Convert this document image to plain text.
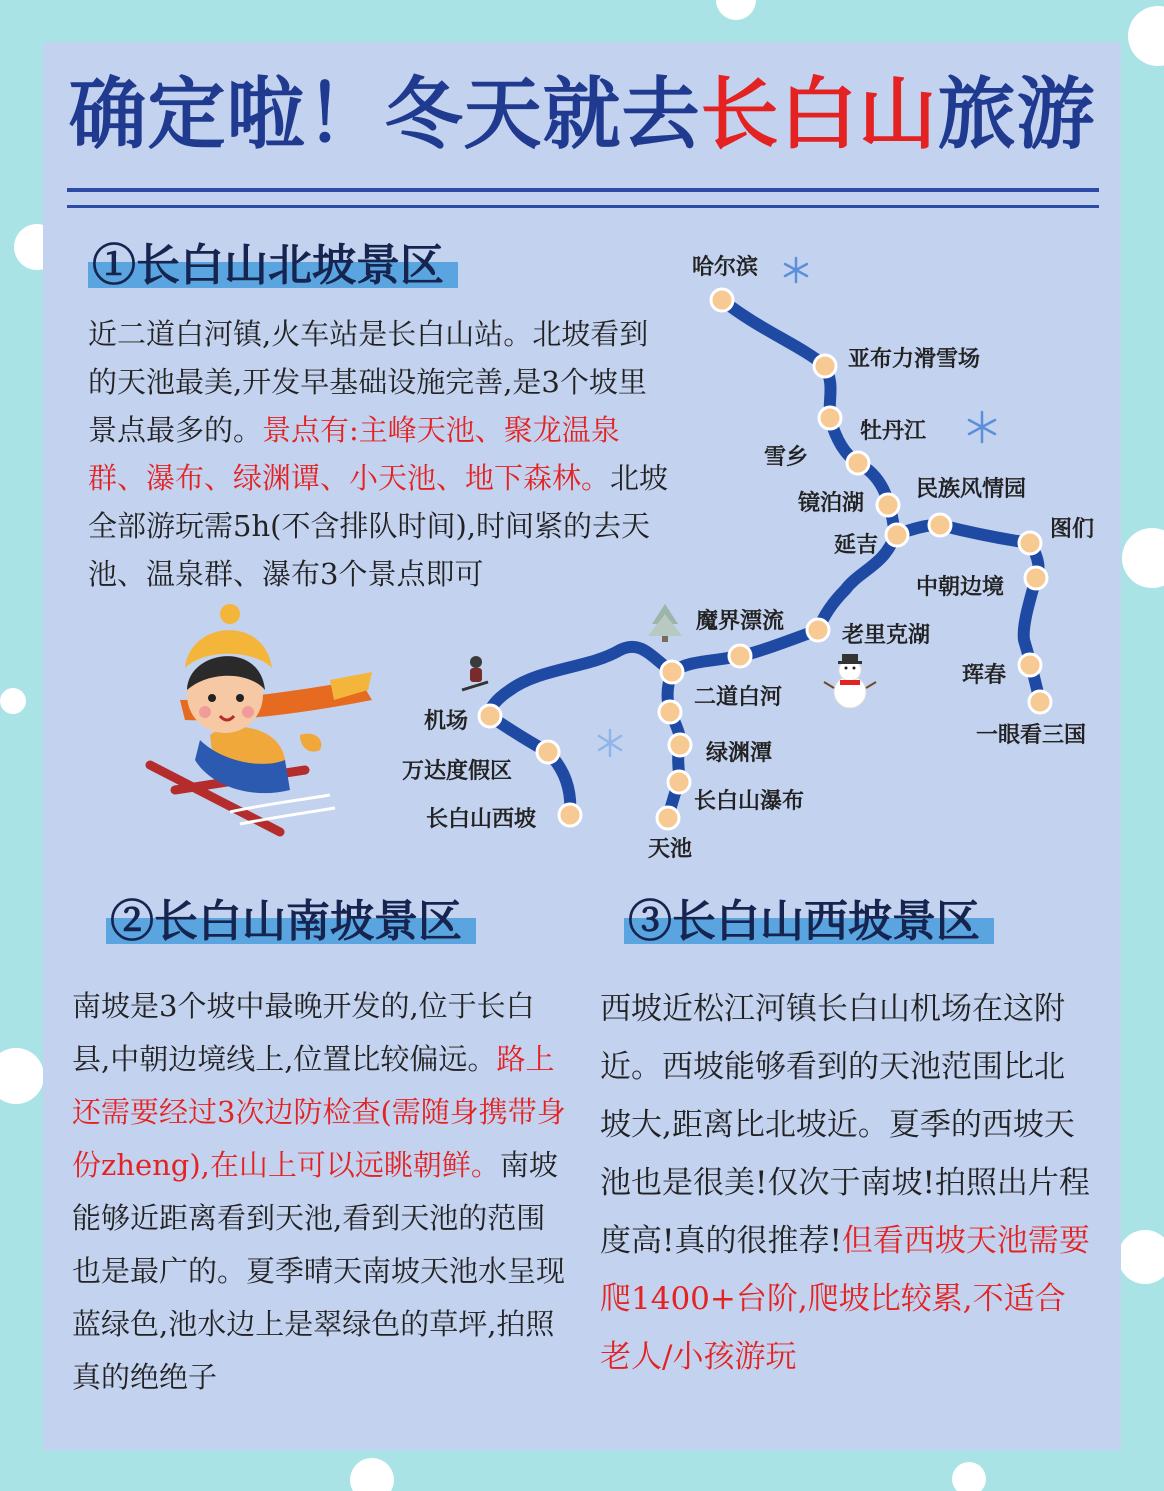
确定啦！冬天就去长白山旅游
①长白山北坡景区
近二道白河镇,火车站是长白山站。北坡看到的天池最美,开发早基础设施完善,是3个坡里景点最多的。景点有:主峰天池、聚龙温泉群、瀑布、绿渊谭、小天池、地下森林。北坡全部游玩需5h(不含排队时间),时间紧的去天池、温泉群、瀑布3个景点即可
哈尔滨
亚布力滑雪场
牡丹江
雪乡
镜泊湖
民族风情园
图们
延吉
中朝边境
魔界漂流
老里克湖
珲春
二道白河
一眼看三国
机场
绿渊潭
万达度假区
长白山瀑布
长白山西坡
天池
②长白山南坡景区
南坡是3个坡中最晚开发的,位于长白县,中朝边境线上,位置比较偏远。路上还需要经过3次边防检查(需随身携带身份zheng),在山上可以远眺朝鲜。南坡能够近距离看到天池,看到天池的范围也是最广的。夏季晴天南坡天池水呈现蓝绿色,池水边上是翠绿色的草坪,拍照真的绝绝子
③长白山西坡景区
西坡近松江河镇长白山机场在这附近。西坡能够看到的天池范围比北坡大,距离比北坡近。夏季的西坡天池也是很美!仅次于南坡!拍照出片程度高!真的很推荐!但看西坡天池需要爬1400+台阶,爬坡比较累,不适合老人/小孩游玩
